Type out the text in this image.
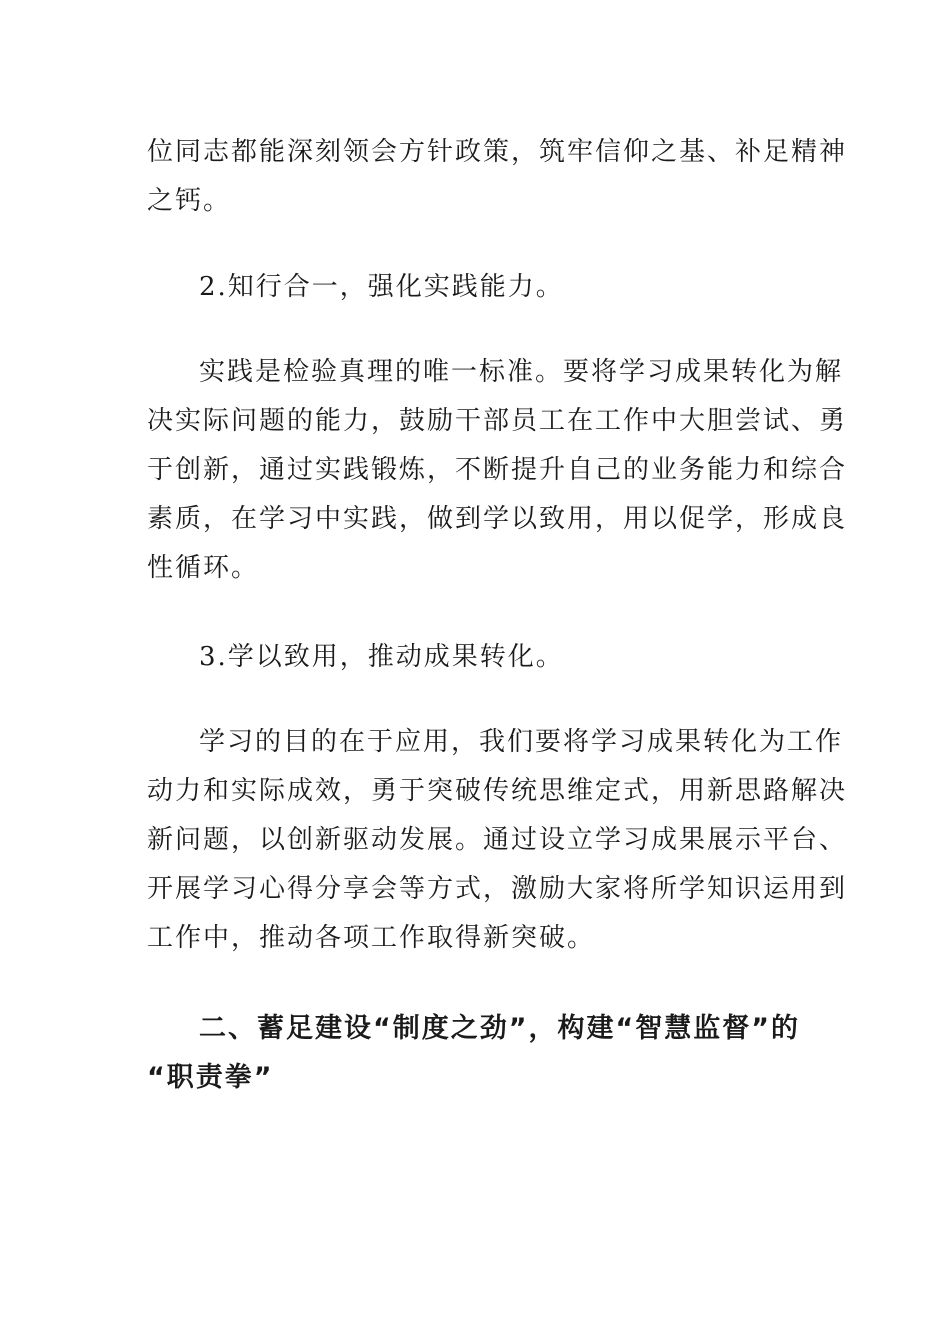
位同志都能深刻领会方针政策，筑牢信仰之基、补足精神
之钙。
2.知行合一，强化实践能力。
实践是检验真理的唯一标准。要将学习成果转化为解
决实际问题的能力，鼓励干部员工在工作中大胆尝试、勇
于创新，通过实践锻炼，不断提升自己的业务能力和综合
素质，在学习中实践，做到学以致用，用以促学，形成良
性循环。
3.学以致用，推动成果转化。
学习的目的在于应用，我们要将学习成果转化为工作
动力和实际成效，勇于突破传统思维定式，用新思路解决
新问题，以创新驱动发展。通过设立学习成果展示平台、
开展学习心得分享会等方式，激励大家将所学知识运用到
工作中，推动各项工作取得新突破。
二、蓄足建设“制度之劲”，构建“智慧监督”的
“职责拳”
